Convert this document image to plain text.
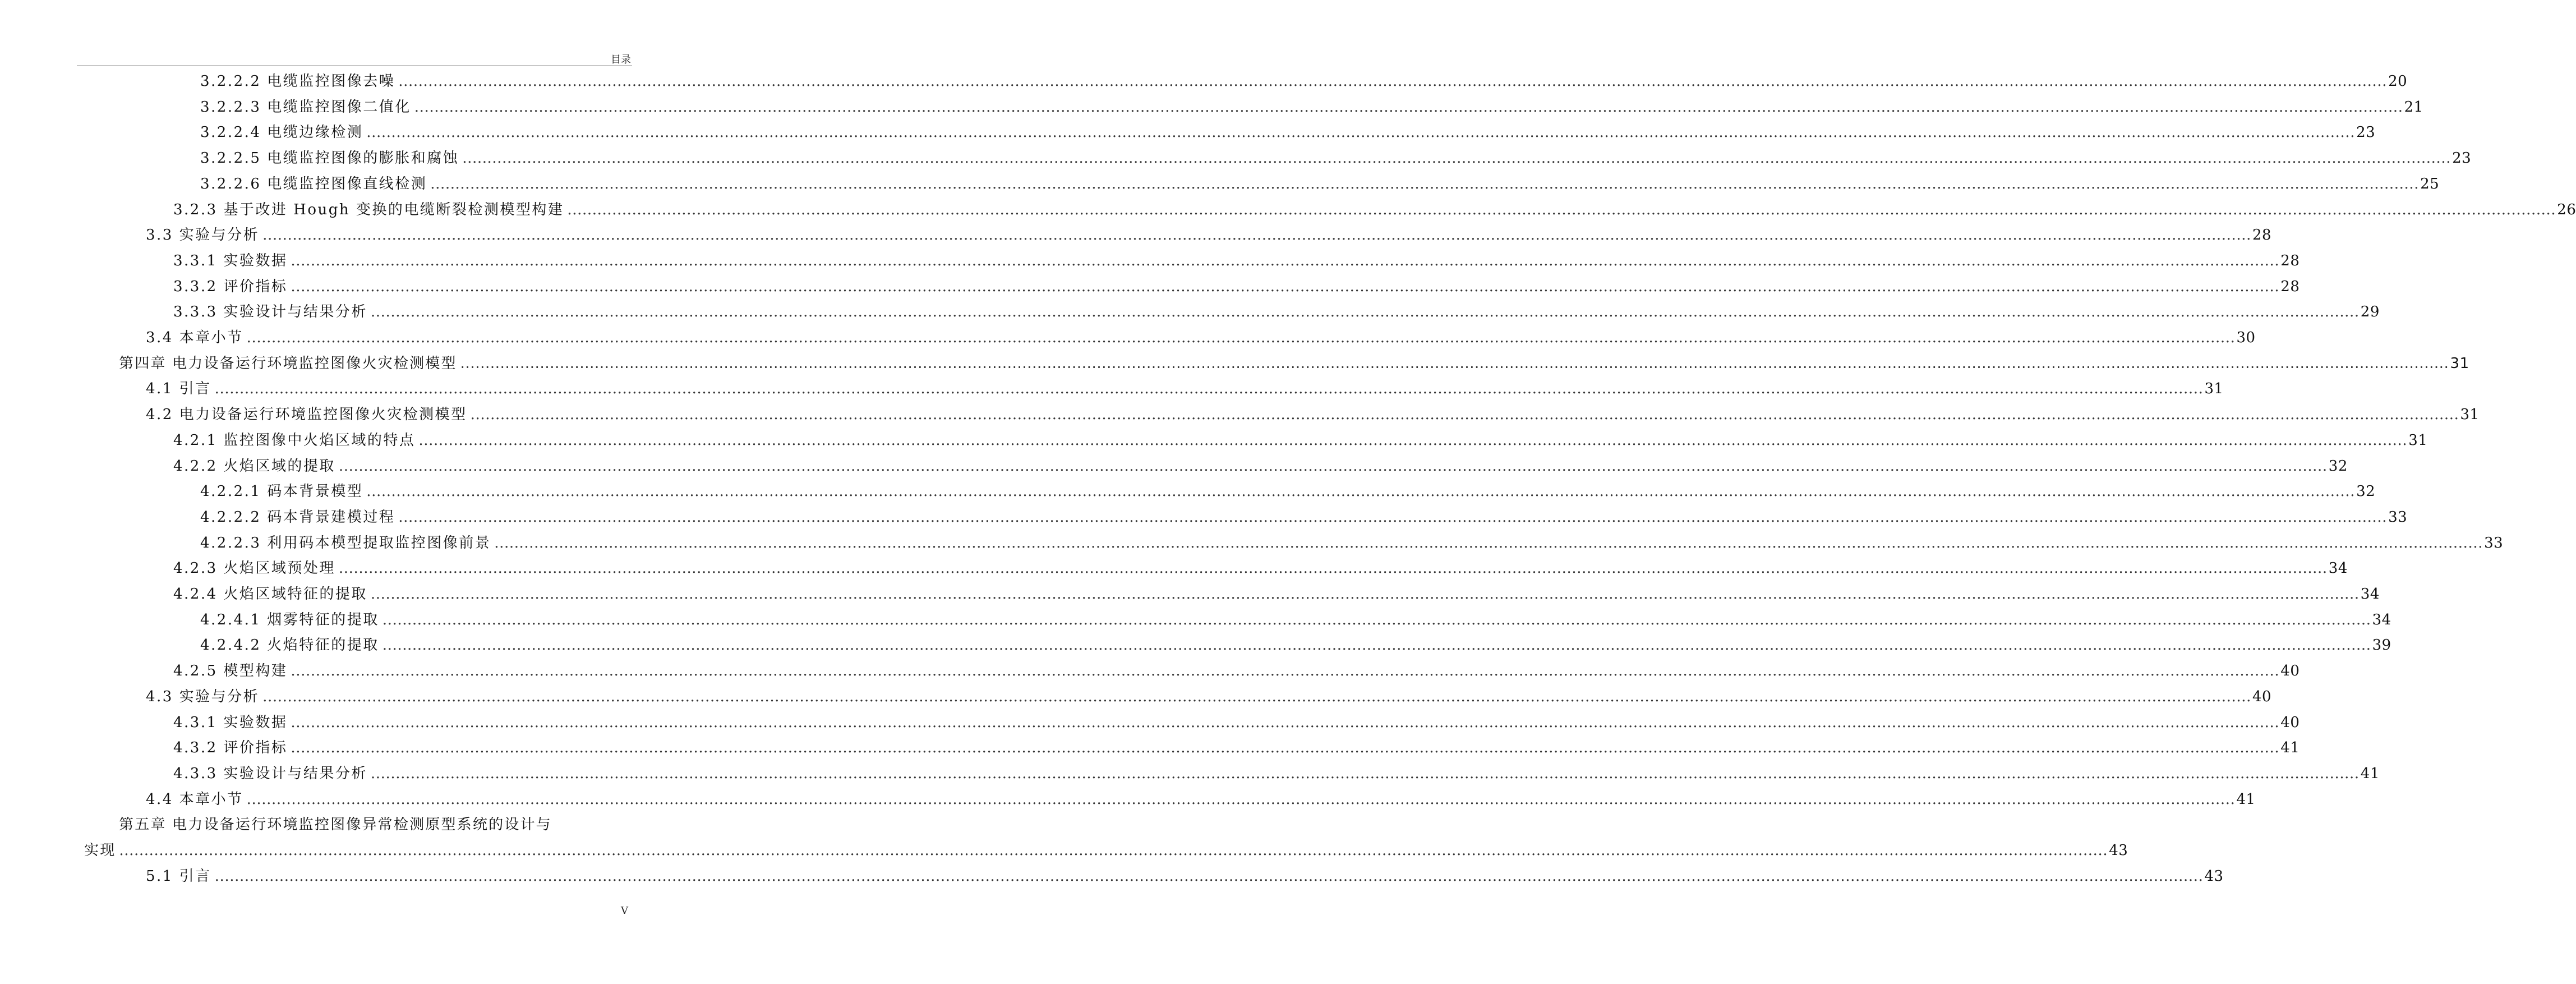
目录
3.2.2.2 电缆监控图像去噪 ................................................................................................................................................................................................................................................................................................................................................................................................................ 20
3.2.2.3 电缆监控图像二值化 ................................................................................................................................................................................................................................................................................................................................................................................................................ 21
3.2.2.4 电缆边缘检测 ................................................................................................................................................................................................................................................................................................................................................................................................................ 23
3.2.2.5 电缆监控图像的膨胀和腐蚀 ................................................................................................................................................................................................................................................................................................................................................................................................................ 23
3.2.2.6 电缆监控图像直线检测 ................................................................................................................................................................................................................................................................................................................................................................................................................ 25
3.2.3 基于改进 Hough 变换的电缆断裂检测模型构建 ................................................................................................................................................................................................................................................................................................................................................................................................................ 26
3.3 实验与分析 ................................................................................................................................................................................................................................................................................................................................................................................................................ 28
3.3.1 实验数据 ................................................................................................................................................................................................................................................................................................................................................................................................................ 28
3.3.2 评价指标 ................................................................................................................................................................................................................................................................................................................................................................................................................ 28
3.3.3 实验设计与结果分析 ................................................................................................................................................................................................................................................................................................................................................................................................................ 29
3.4 本章小节 ................................................................................................................................................................................................................................................................................................................................................................................................................ 30
第四章 电力设备运行环境监控图像火灾检测模型 ................................................................................................................................................................................................................................................................................................................................................................................................................ 31
4.1 引言 ................................................................................................................................................................................................................................................................................................................................................................................................................ 31
4.2 电力设备运行环境监控图像火灾检测模型 ................................................................................................................................................................................................................................................................................................................................................................................................................ 31
4.2.1 监控图像中火焰区域的特点 ................................................................................................................................................................................................................................................................................................................................................................................................................ 31
4.2.2 火焰区域的提取 ................................................................................................................................................................................................................................................................................................................................................................................................................ 32
4.2.2.1 码本背景模型 ................................................................................................................................................................................................................................................................................................................................................................................................................ 32
4.2.2.2 码本背景建模过程 ................................................................................................................................................................................................................................................................................................................................................................................................................ 33
4.2.2.3 利用码本模型提取监控图像前景 ................................................................................................................................................................................................................................................................................................................................................................................................................ 33
4.2.3 火焰区域预处理 ................................................................................................................................................................................................................................................................................................................................................................................................................ 34
4.2.4 火焰区域特征的提取 ................................................................................................................................................................................................................................................................................................................................................................................................................ 34
4.2.4.1 烟雾特征的提取 ................................................................................................................................................................................................................................................................................................................................................................................................................ 34
4.2.4.2 火焰特征的提取 ................................................................................................................................................................................................................................................................................................................................................................................................................ 39
4.2.5 模型构建 ................................................................................................................................................................................................................................................................................................................................................................................................................ 40
4.3 实验与分析 ................................................................................................................................................................................................................................................................................................................................................................................................................ 40
4.3.1 实验数据 ................................................................................................................................................................................................................................................................................................................................................................................................................ 40
4.3.2 评价指标 ................................................................................................................................................................................................................................................................................................................................................................................................................ 41
4.3.3 实验设计与结果分析 ................................................................................................................................................................................................................................................................................................................................................................................................................ 41
4.4 本章小节 ................................................................................................................................................................................................................................................................................................................................................................................................................ 41
第五章 电力设备运行环境监控图像异常检测原型系统的设计与
实现 ................................................................................................................................................................................................................................................................................................................................................................................................................ 43
5.1 引言 ................................................................................................................................................................................................................................................................................................................................................................................................................ 43
V
